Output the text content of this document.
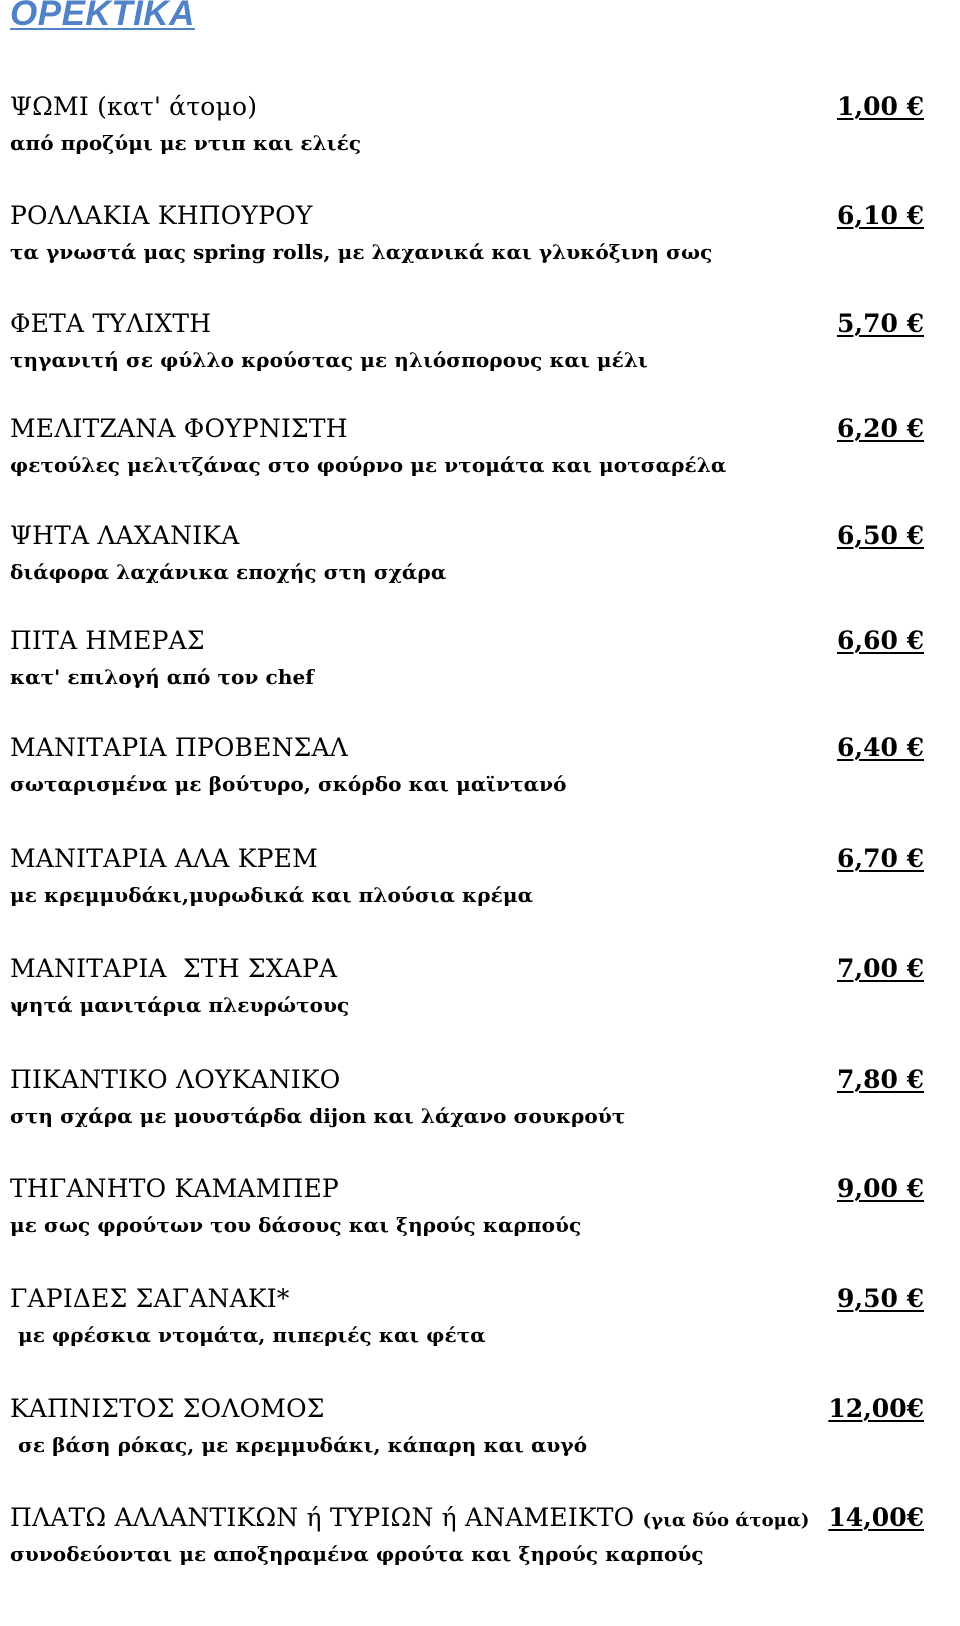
ΟΡΕΚΤΙΚΑ
ΨΩΜΙ (κατ' άτομο)	1,00 €
από προζύμι με ντιπ και ελιές
ΡΟΛΛΑΚΙΑ ΚΗΠΟΥΡΟΥ	6,10 €
τα γνωστά μας spring rolls, με λαχανικά και γλυκόξινη σως
ΦΕΤΑ ΤΥΛΙΧΤΗ	5,70 €
τηγανιτή σε φύλλο κρούστας με ηλιόσπορους και μέλι
ΜΕΛΙΤΖΑΝΑ ΦΟΥΡΝΙΣΤΗ	6,20 €
φετούλες μελιτζάνας στο φούρνο με ντομάτα και μοτσαρέλα
ΨΗΤΑ ΛΑΧΑΝΙΚΑ	6,50 €
διάφορα λαχάνικα εποχής στη σχάρα
ΠΙΤΑ ΗΜΕΡΑΣ	6,60 €
κατ' επιλογή από τον chef
ΜΑΝΙΤΑΡΙΑ ΠΡΟΒΕΝΣΑΛ	6,40 €
σωταρισμένα με βούτυρο, σκόρδο και μαϊντανό
ΜΑΝΙΤΑΡΙΑ ΑΛΑ ΚΡΕΜ	6,70 €
με κρεμμυδάκι,μυρωδικά και πλούσια κρέμα
ΜΑΝΙΤΑΡΙΑ  ΣΤΗ ΣΧΑΡΑ	7,00 €
ψητά μανιτάρια πλευρώτους
ΠΙΚΑΝΤΙΚΟ ΛΟΥΚΑΝΙΚΟ	7,80 €
στη σχάρα με μουστάρδα dijon και λάχανο σουκρούτ
ΤΗΓΑΝΗΤΟ ΚΑΜΑΜΠΕΡ	9,00 €
με σως φρούτων του δάσους και ξηρούς καρπούς
ΓΑΡΙΔΕΣ ΣΑΓΑΝΑΚΙ*	9,50 €
με φρέσκια ντομάτα, πιπεριές και φέτα
ΚΑΠΝΙΣΤΟΣ ΣΟΛΟΜΟΣ	12,00€
σε βάση ρόκας, με κρεμμυδάκι, κάπαρη και αυγό
ΠΛΑΤΩ ΑΛΛΑΝΤΙΚΩΝ ή ΤΥΡΙΩΝ ή ΑΝΑΜΕΙΚΤΟ (για δύο άτομα) 14,00€
συνοδεύονται με αποξηραμένα φρούτα και ξηρούς καρπούς
